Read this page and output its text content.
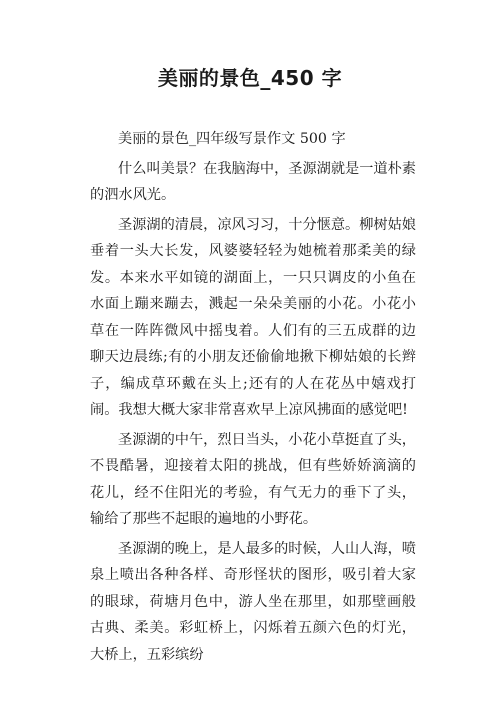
美丽的景色_450 字

美丽的景色_四年级写景作文 500 字

什么叫美景？在我脑海中，圣源湖就是一道朴素的泗水风光。

圣源湖的清晨，凉风习习，十分惬意。柳树姑娘垂着一头大长发，风婆婆轻轻为她梳着那柔美的绿发。本来水平如镜的湖面上，一只只调皮的小鱼在水面上蹦来蹦去，溅起一朵朵美丽的小花。小花小草在一阵阵微风中摇曳着。人们有的三五成群的边聊天边晨练;有的小朋友还偷偷地揪下柳姑娘的长辫子，编成草环戴在头上;还有的人在花丛中嬉戏打闹。我想大概大家非常喜欢早上凉风拂面的感觉吧!

圣源湖的中午，烈日当头，小花小草挺直了头，不畏酷暑，迎接着太阳的挑战，但有些娇娇滴滴的花儿，经不住阳光的考验，有气无力的垂下了头，输给了那些不起眼的遍地的小野花。

圣源湖的晚上，是人最多的时候，人山人海，喷泉上喷出各种各样、奇形怪状的图形，吸引着大家的眼球，荷塘月色中，游人坐在那里，如那壁画般古典、柔美。彩虹桥上，闪烁着五颜六色的灯光，大桥上，五彩缤纷
